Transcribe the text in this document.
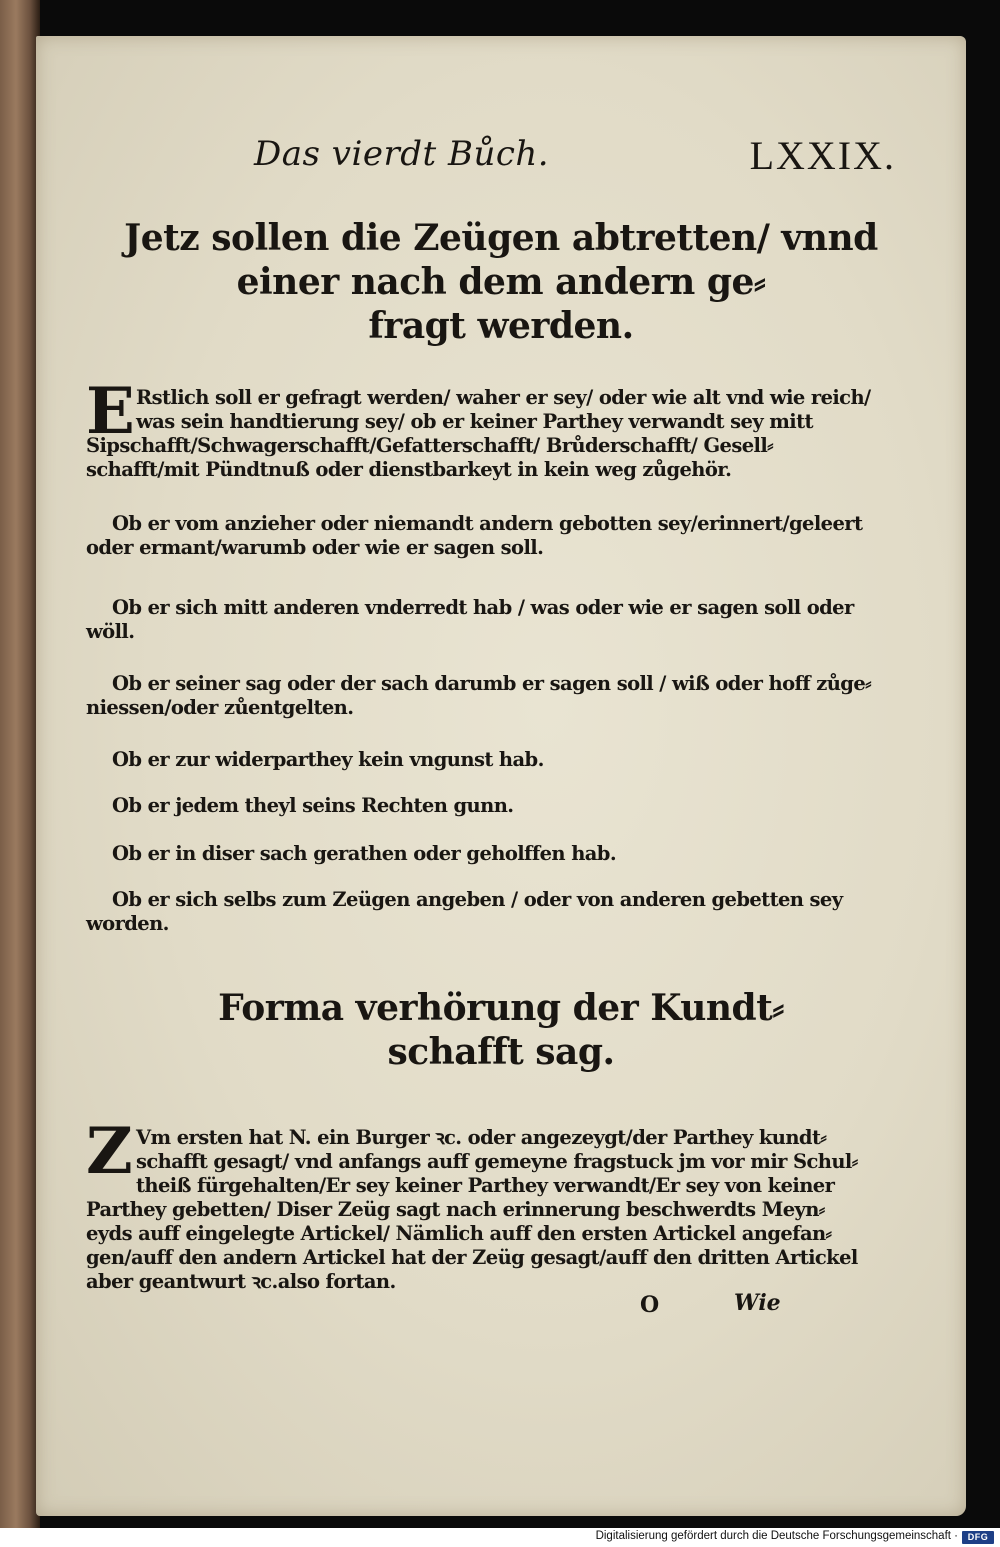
Das vierdt Bůch.	LXXIX.
Jetz sollen die Zeügen abtretten/ vnnd
einer nach dem andern ge⸗
fragt werden.
E Rstlich soll er gefragt werden/ waher er sey/ oder wie alt vnd wie reich/
was sein handtierung sey/ ob er keiner Parthey verwandt sey mitt
Sipschafft/Schwagerschafft/Gefatterschafft/ Brůderschafft/ Gesell⸗
schafft/mit Pündtnuß oder dienstbarkeyt in kein weg zůgehör.
Ob er vom anzieher oder niemandt andern gebotten sey/erinnert/geleert
oder ermant/warumb oder wie er sagen soll.
Ob er sich mitt anderen vnderredt hab / was oder wie er sagen soll oder
wöll.
Ob er seiner sag oder der sach darumb er sagen soll / wiß oder hoff zůge⸗
niessen/oder zůentgelten.
Ob er zur widerparthey kein vngunst hab.
Ob er jedem theyl seins Rechten gunn.
Ob er in diser sach gerathen oder geholffen hab.
Ob er sich selbs zum Zeügen angeben / oder von anderen gebetten sey
worden.
Forma verhörung der Kundt⸗
schafft sag.
Z Vm ersten hat N. ein Burger ꝛc. oder angezeygt/der Parthey kundt⸗
schafft gesagt/ vnd anfangs auff gemeyne fragstuck jm vor mir Schul⸗
theiß fürgehalten/Er sey keiner Parthey verwandt/Er sey von keiner
Parthey gebetten/ Diser Zeüg sagt nach erinnerung beschwerdts Meyn⸗
eyds auff eingelegte Artickel/ Nämlich auff den ersten Artickel angefan⸗
gen/auff den andern Artickel hat der Zeüg gesagt/auff den dritten Artickel
aber geantwurt ꝛc.also fortan.
O	Wie
Digitalisierung gefördert durch die Deutsche Forschungsgemeinschaft ·	DFG
